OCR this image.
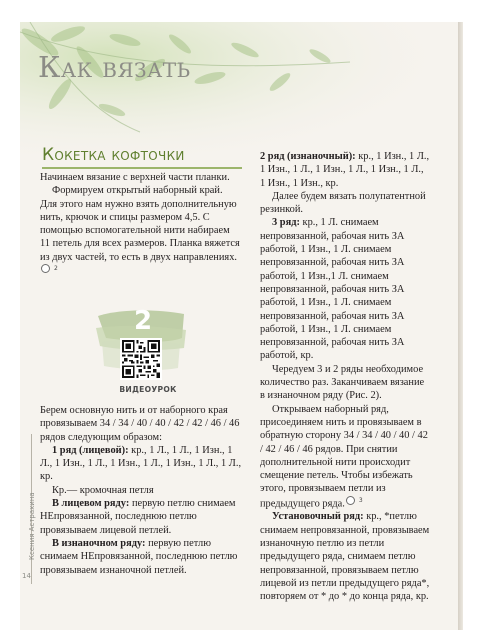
Как вязать
Кокетка кофточки

Начинаем вязание с верхней части планки.

Формируем открытый наборный край. Для этого нам нужно взять дополнительную нить, крючок и спицы размером 4,5. С помощью вспомогательной нити набираем 11 петель для всех размеров. Планка вяжется из двух частей, то есть в двух направлениях.2

2
ВИДЕОУРОК

Берем основную нить и от наборного края провязываем 34 / 34 / 40 / 40 / 42 / 42 / 46 / 46 рядов следующим образом:

1 ряд (лицевой): кр., 1 Л., 1 Л., 1 Изн., 1 Л., 1 Изн., 1 Л., 1 Изн., 1 Л., 1 Изн., 1 Л., 1 Л., кр.

Кр.— кромочная петля

В лицевом ряду: первую петлю снимаем НЕпровязанной, последнюю петлю провязываем лицевой петлей.

В изнаночном ряду: первую петлю снимаем НЕпровязанной, последнюю петлю провязываем изнаночной петлей.

2 ряд (изнаночный): кр., 1 Изн., 1 Л., 1 Изн., 1 Л., 1 Изн., 1 Л., 1 Изн., 1 Л., 1 Изн., 1 Изн., кр.

Далее будем вязать полупатентной резинкой.

3 ряд: кр., 1 Л. снимаем непровязанной, рабочая нить ЗА работой, 1 Изн., 1 Л. снимаем непровязанной, рабочая нить ЗА работой, 1 Изн.,1 Л. снимаем непровязанной, рабочая нить ЗА работой, 1 Изн., 1 Л. снимаем непровязанной, рабочая нить ЗА работой, 1 Изн., 1 Л. снимаем непровязанной, рабочая нить ЗА работой, кр.

Чередуем 3 и 2 ряды необходимое количество раз. Заканчиваем вязание в изнаночном ряду (Рис. 2).

Открываем наборный ряд, присоединяем нить и провязываем в обратную сторону 34 / 34 / 40 / 40 / 42 / 42 / 46 / 46 рядов. При снятии дополнительной нити происходит смещение петель. Чтобы избежать этого, провязываем петли из предыдущего ряда. 3

Установочный ряд: кр., *петлю снимаем непровязанной, провязываем изнаночную петлю из петли предыдущего ряда, снимаем петлю непровязанной, провязываем петлю лицевой из петли предыдущего ряда*, повторяем от * до * до конца ряда, кр.

Ксения Астрахина
14
